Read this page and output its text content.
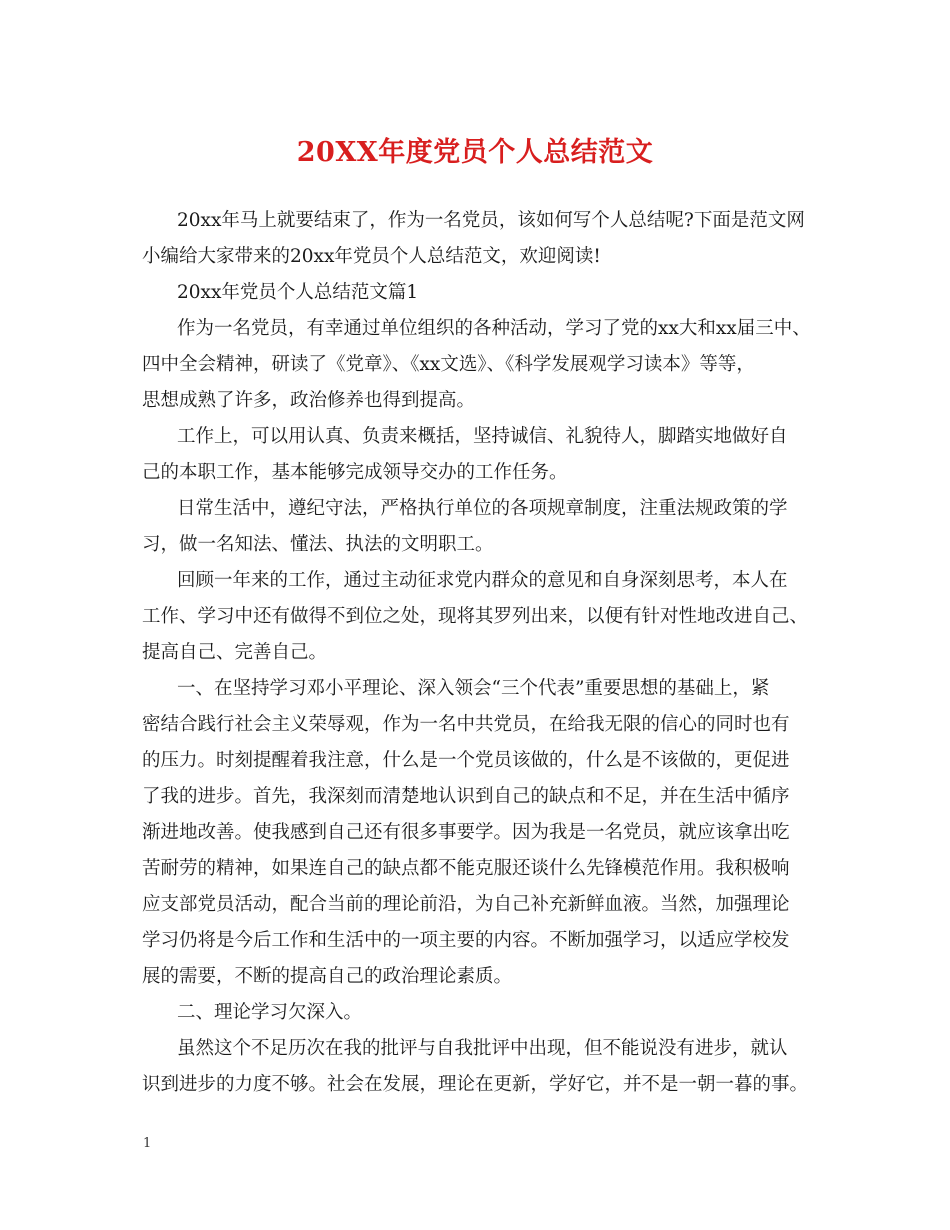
20XX年度党员个人总结范文
20xx年马上就要结束了，作为一名党员，该如何写个人总结呢?下面是范文网
小编给大家带来的20xx年党员个人总结范文，欢迎阅读!
20xx年党员个人总结范文篇1
作为一名党员，有幸通过单位组织的各种活动，学习了党的xx大和xx届三中、
四中全会精神，研读了《党章》、《xx文选》、《科学发展观学习读本》等等，
思想成熟了许多，政治修养也得到提高。
工作上，可以用认真、负责来概括，坚持诚信、礼貌待人，脚踏实地做好自
己的本职工作，基本能够完成领导交办的工作任务。
日常生活中，遵纪守法，严格执行单位的各项规章制度，注重法规政策的学
习，做一名知法、懂法、执法的文明职工。
回顾一年来的工作，通过主动征求党内群众的意见和自身深刻思考，本人在
工作、学习中还有做得不到位之处，现将其罗列出来，以便有针对性地改进自己、
提高自己、完善自己。
一、在坚持学习邓小平理论、深入领会“三个代表”重要思想的基础上，紧
密结合践行社会主义荣辱观，作为一名中共党员，在给我无限的信心的同时也有
的压力。时刻提醒着我注意，什么是一个党员该做的，什么是不该做的，更促进
了我的进步。首先，我深刻而清楚地认识到自己的缺点和不足，并在生活中循序
渐进地改善。使我感到自己还有很多事要学。因为我是一名党员，就应该拿出吃
苦耐劳的精神，如果连自己的缺点都不能克服还谈什么先锋模范作用。我积极响
应支部党员活动，配合当前的理论前沿，为自己补充新鲜血液。当然，加强理论
学习仍将是今后工作和生活中的一项主要的内容。不断加强学习，以适应学校发
展的需要，不断的提高自己的政治理论素质。
二、理论学习欠深入。
虽然这个不足历次在我的批评与自我批评中出现，但不能说没有进步，就认
识到进步的力度不够。社会在发展，理论在更新，学好它，并不是一朝一暮的事。
1
